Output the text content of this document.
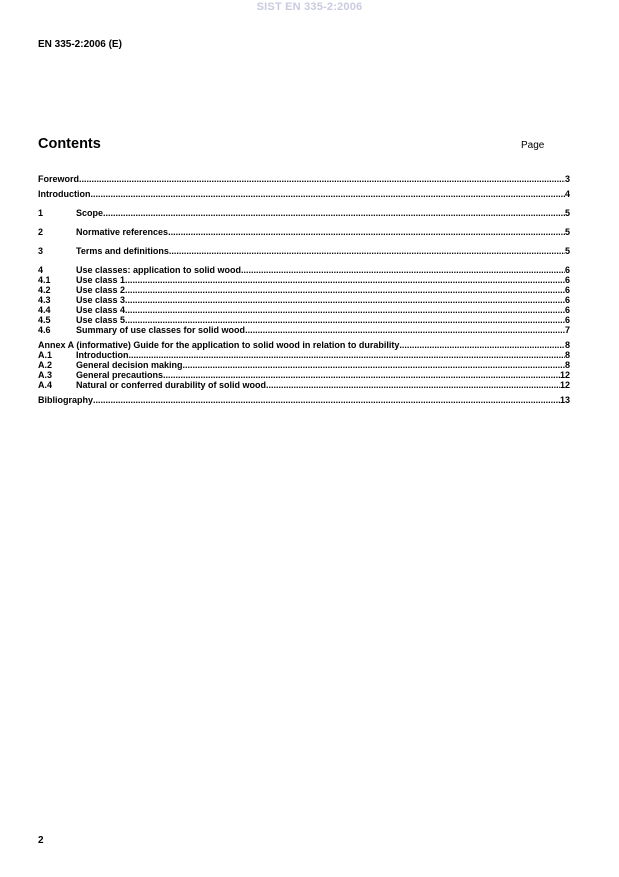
SIST EN 335-2:2006
EN 335-2:2006 (E)
Contents	Page
Foreword .....	3
Introduction .....	4
1	Scope .....	5
2	Normative references .....	5
3	Terms and definitions .....	5
4	Use classes: application to solid wood .....	6
4.1	Use class 1 .....	6
4.2	Use class 2 .....	6
4.3	Use class 3 .....	6
4.4	Use class 4 .....	6
4.5	Use class 5 .....	6
4.6	Summary of use classes for solid wood .....	7
Annex A (informative) Guide for the application to solid wood in relation to durability .....	8
A.1	Introduction .....	8
A.2	General decision making .....	8
A.3	General precautions .....	12
A.4	Natural or conferred durability of solid wood .....	12
Bibliography .....	13
2
